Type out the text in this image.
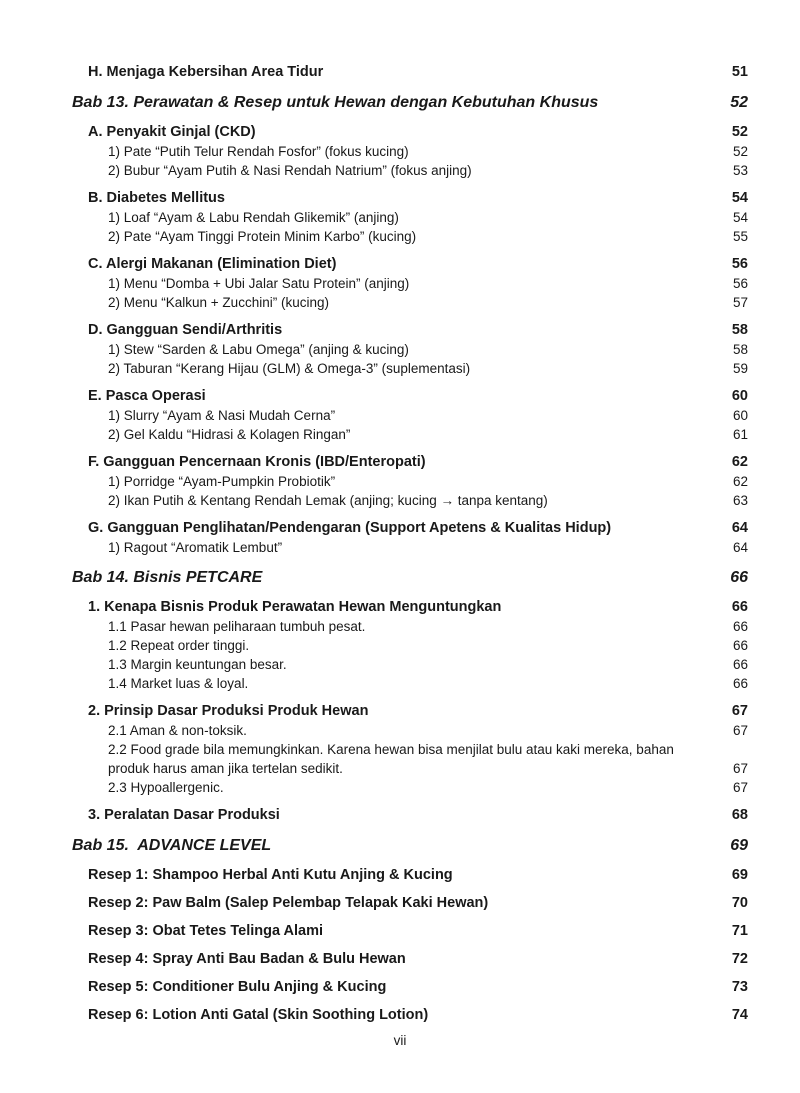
H. Menjaga Kebersihan Area Tidur	51
Bab 13. Perawatan & Resep untuk Hewan dengan Kebutuhan Khusus	52
A. Penyakit Ginjal (CKD)	52
1) Pate “Putih Telur Rendah Fosfor” (fokus kucing)	52
2) Bubur “Ayam Putih & Nasi Rendah Natrium” (fokus anjing)	53
B. Diabetes Mellitus	54
1) Loaf “Ayam & Labu Rendah Glikemik” (anjing)	54
2) Pate “Ayam Tinggi Protein Minim Karbo” (kucing)	55
C. Alergi Makanan (Elimination Diet)	56
1) Menu “Domba + Ubi Jalar Satu Protein” (anjing)	56
2) Menu “Kalkun + Zucchini” (kucing)	57
D. Gangguan Sendi/Arthritis	58
1) Stew “Sarden & Labu Omega” (anjing & kucing)	58
2) Taburan “Kerang Hijau (GLM) & Omega-3” (suplementasi)	59
E. Pasca Operasi	60
1) Slurry “Ayam & Nasi Mudah Cerna”	60
2) Gel Kaldu “Hidrasi & Kolagen Ringan”	61
F. Gangguan Pencernaan Kronis (IBD/Enteropati)	62
1) Porridge “Ayam-Pumpkin Probiotik”	62
2) Ikan Putih & Kentang Rendah Lemak (anjing; kucing → tanpa kentang)	63
G. Gangguan Penglihatan/Pendengaran (Support Apetens & Kualitas Hidup)	64
1) Ragout “Aromatik Lembut”	64
Bab 14. Bisnis PETCARE	66
1. Kenapa Bisnis Produk Perawatan Hewan Menguntungkan	66
1.1 Pasar hewan peliharaan tumbuh pesat.	66
1.2 Repeat order tinggi.	66
1.3 Margin keuntungan besar.	66
1.4 Market luas & loyal.	66
2. Prinsip Dasar Produksi Produk Hewan	67
2.1 Aman & non-toksik.	67
2.2 Food grade bila memungkinkan. Karena hewan bisa menjilat bulu atau kaki mereka, bahan produk harus aman jika tertelan sedikit.	67
2.3 Hypoallergenic.	67
3. Peralatan Dasar Produksi	68
Bab 15.  ADVANCE LEVEL	69
Resep 1: Shampoo Herbal Anti Kutu Anjing & Kucing	69
Resep 2: Paw Balm (Salep Pelembap Telapak Kaki Hewan)	70
Resep 3: Obat Tetes Telinga Alami	71
Resep 4: Spray Anti Bau Badan & Bulu Hewan	72
Resep 5: Conditioner Bulu Anjing & Kucing	73
Resep 6: Lotion Anti Gatal (Skin Soothing Lotion)	74
vii
